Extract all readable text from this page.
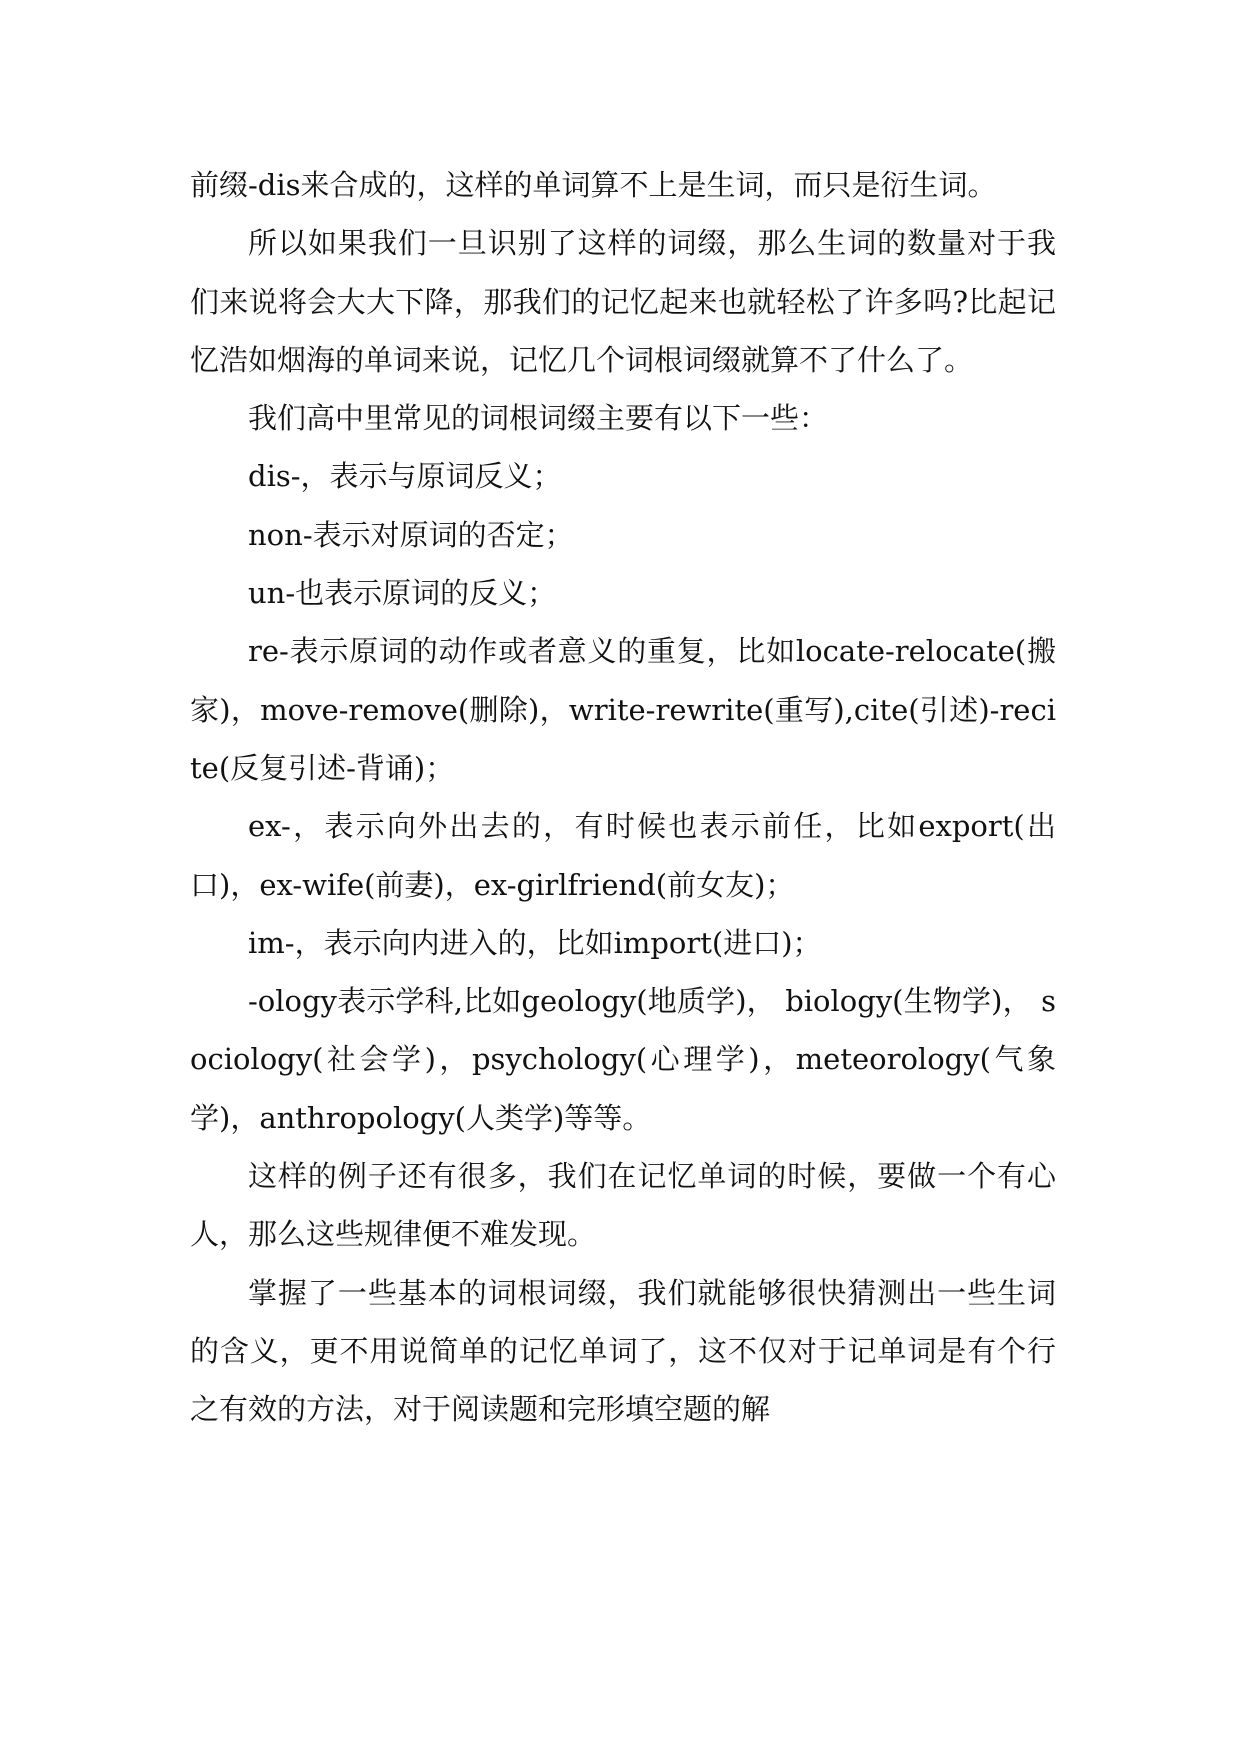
前缀-dis来合成的，这样的单词算不上是生词，而只是衍生词。

所以如果我们一旦识别了这样的词缀，那么生词的数量对于我们来说将会大大下降，那我们的记忆起来也就轻松了许多吗?比起记忆浩如烟海的单词来说，记忆几个词根词缀就算不了什么了。

我们高中里常见的词根词缀主要有以下一些：

dis-，表示与原词反义；

non-表示对原词的否定；

un-也表示原词的反义；

re-表示原词的动作或者意义的重复，比如locate-relocate(搬家)，move-remove(删除)，write-rewrite(重写),cite(引述)-recite(反复引述-背诵)；

ex-，表示向外出去的，有时候也表示前任，比如export(出口)，ex-wife(前妻)，ex-girlfriend(前女友)；

im-，表示向内进入的，比如import(进口)；

-ology表示学科,比如geology(地质学)， biology(生物学)， sociology(社会学)，psychology(心理学)，meteorology(气象学)，anthropology(人类学)等等。

这样的例子还有很多，我们在记忆单词的时候，要做一个有心人，那么这些规律便不难发现。

掌握了一些基本的词根词缀，我们就能够很快猜测出一些生词的含义，更不用说简单的记忆单词了，这不仅对于记单词是有个行之有效的方法，对于阅读题和完形填空题的解
